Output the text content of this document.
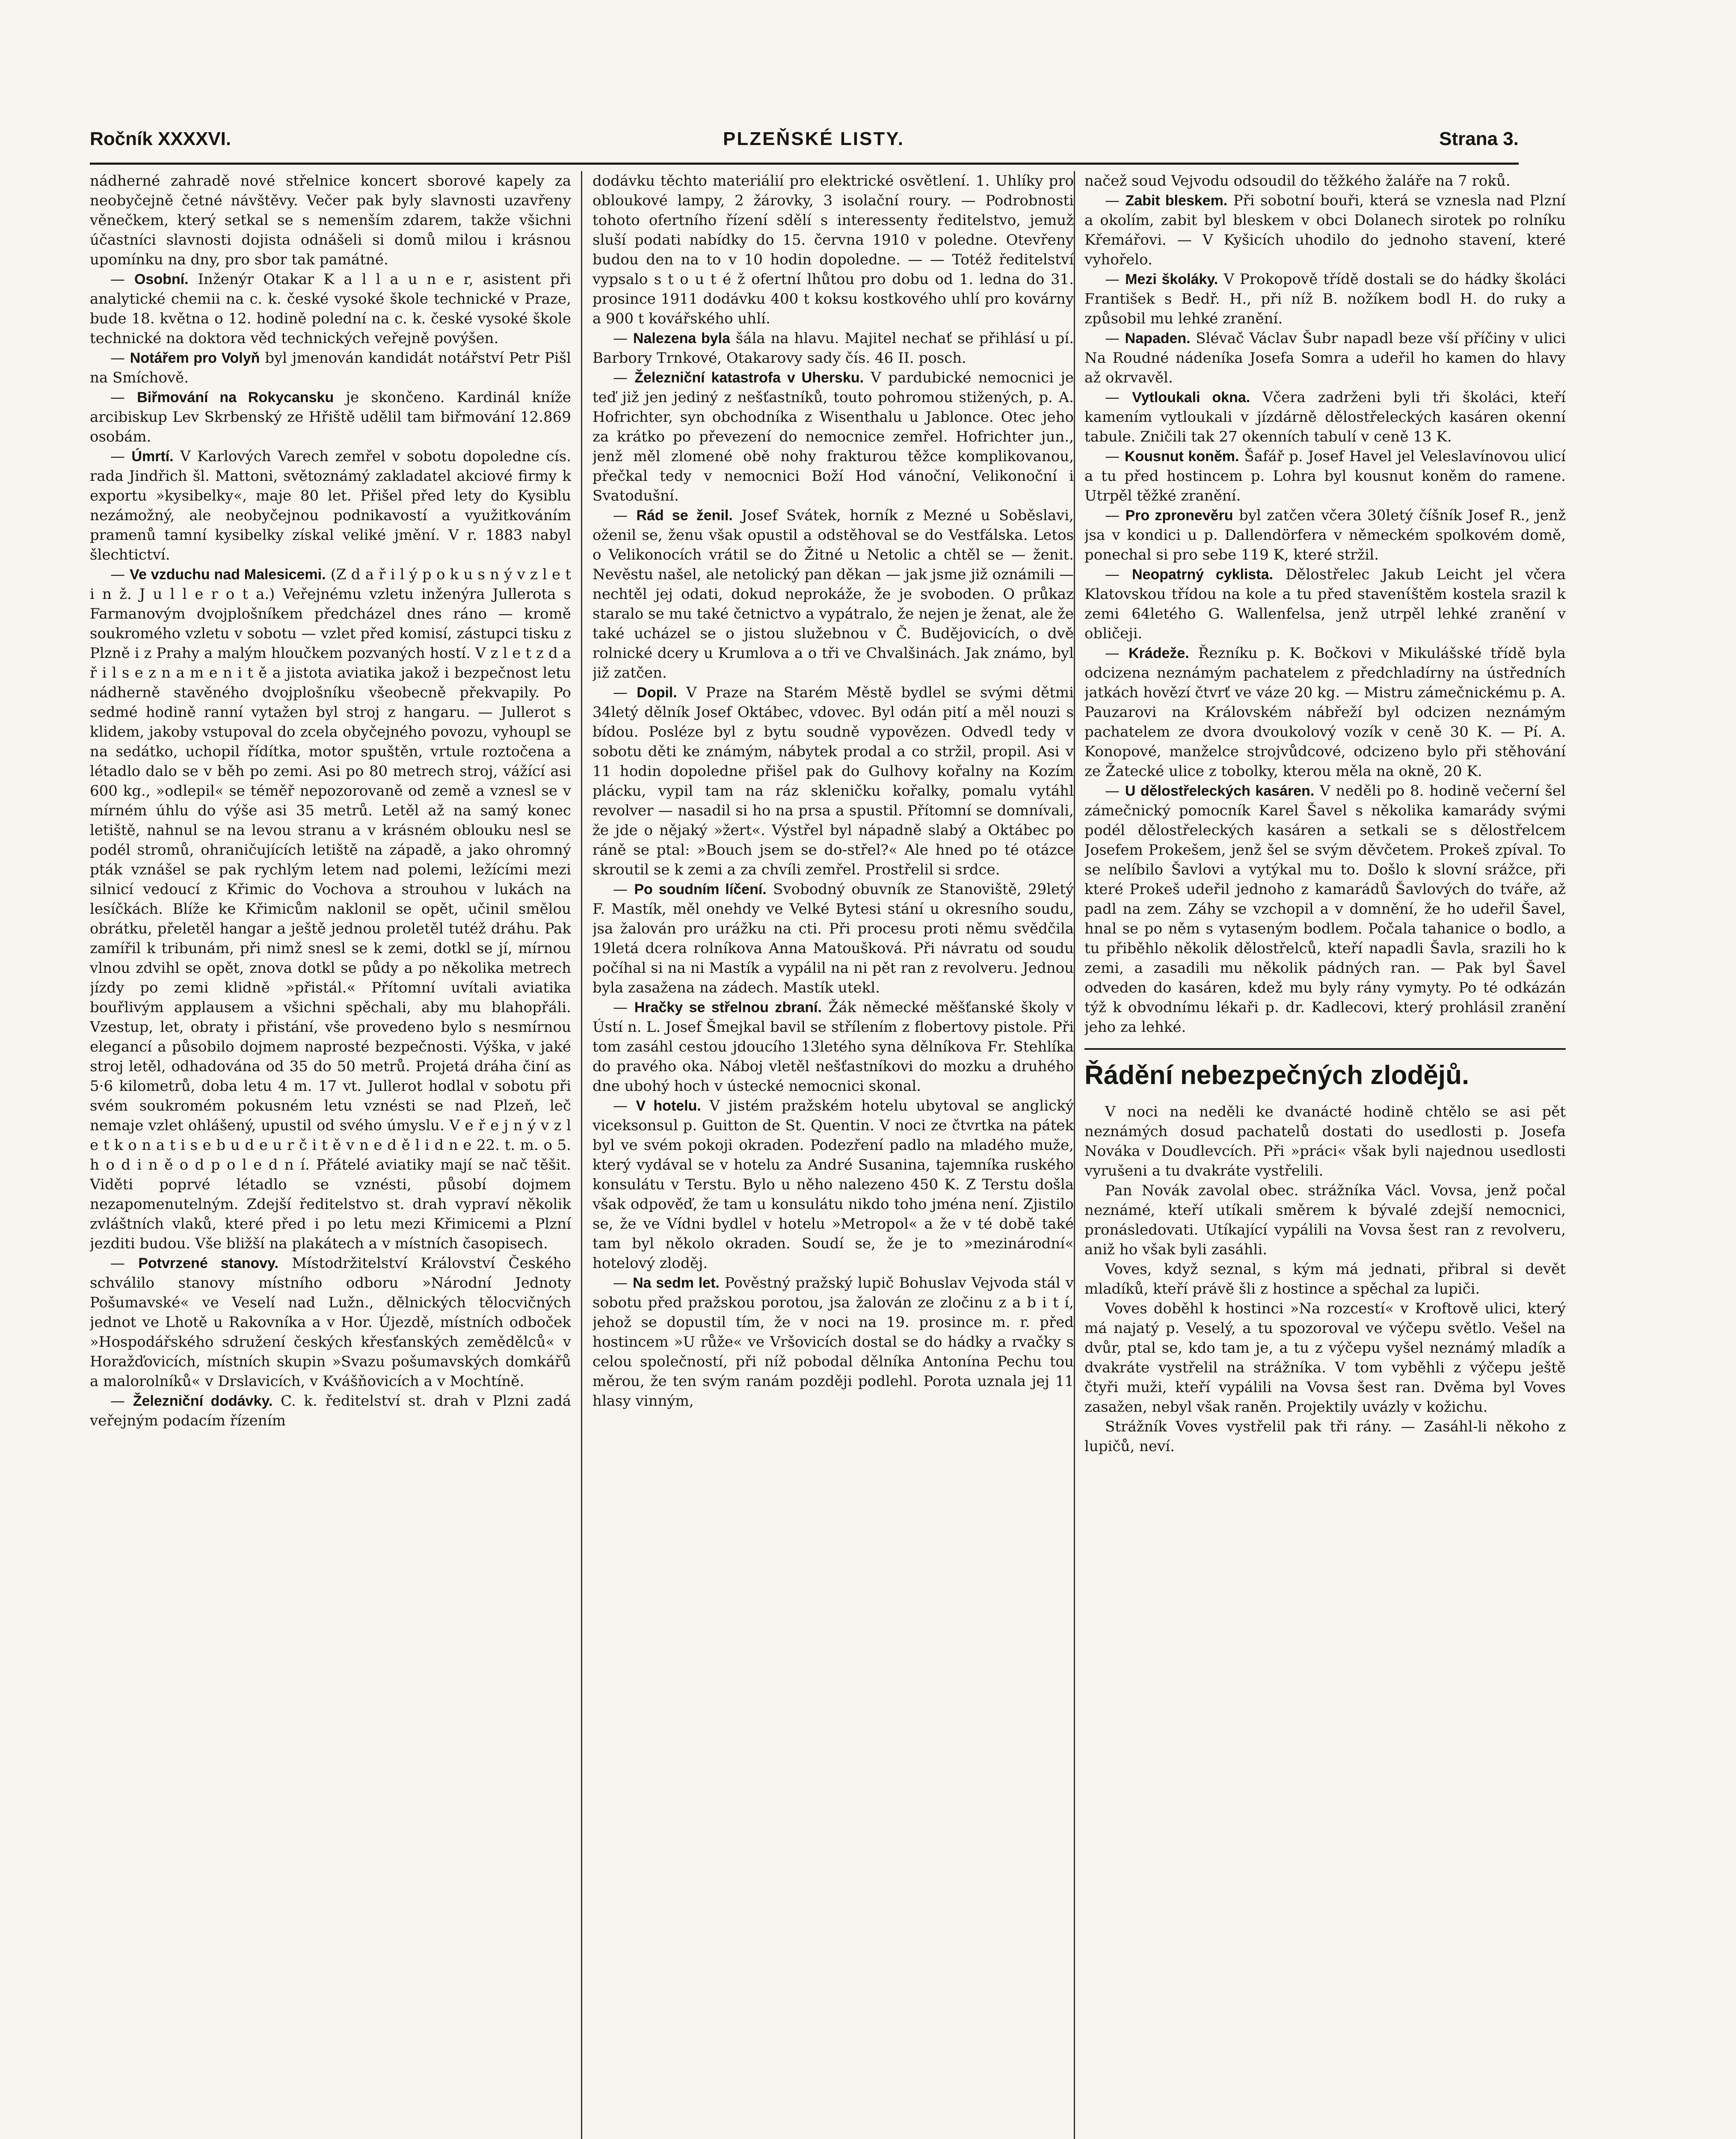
Ročník XXXXVI.	PLZEŇSKÉ LISTY.	Strana 3.

nádherné zahradě nové střelnice koncert sborové kapely za neobyčejně četné návštěvy. Večer pak byly slavnosti uzavřeny věnečkem, který setkal se s nemenším zdarem, takže všichni účastníci slavnosti dojista odnášeli si domů milou i krásnou upomínku na dny, pro sbor tak památné.

— Osobní. Inženýr Otakar K a l l a u n e r, asistent při analytické chemii na c. k. české vysoké škole technické v Praze, bude 18. května o 12. hodině polední na c. k. české vysoké škole technické na doktora věd technických veřejně povýšen.

— Notářem pro Volyň byl jmenován kandidát notářství Petr Pišl na Smíchově.

— Biřmování na Rokycansku je skončeno. Kardinál kníže arcibiskup Lev Skrbenský ze Hřiště udělil tam biřmování 12.869 osobám.

— Úmrtí. V Karlových Varech zemřel v sobotu dopoledne cís. rada Jindřich šl. Mattoni, světoznámý zakladatel akciové firmy k exportu »kysibelky«, maje 80 let. Přišel před lety do Kysiblu nezámožný, ale neobyčejnou podnikavostí a využitkováním pramenů tamní kysibelky získal veliké jmění. V r. 1883 nabyl šlechtictví.

— Ve vzduchu nad Malesicemi. (Z d a ř i l ý p o k u s n ý v z l e t i n ž. J u l l e r o t a.) Veřejnému vzletu inženýra Jullerota s Farmanovým dvojplošníkem předcházel dnes ráno — kromě soukromého vzletu v sobotu — vzlet před komisí, zástupci tisku z Plzně i z Prahy a malým hloučkem pozvaných hostí. V z l e t z d a ř i l s e z n a m e n i t ě a jistota aviatika jakož i bezpečnost letu nádherně stavěného dvojplošníku všeobecně překvapily. Po sedmé hodině ranní vytažen byl stroj z hangaru. — Jullerot s klidem, jakoby vstupoval do zcela obyčejného povozu, vyhoupl se na sedátko, uchopil řídítka, motor spuštěn, vrtule roztočena a létadlo dalo se v běh po zemi. Asi po 80 metrech stroj, vážící asi 600 kg., »odlepil« se téměř nepozorovaně od země a vznesl se v mírném úhlu do výše asi 35 metrů. Letěl až na samý konec letiště, nahnul se na levou stranu a v krásném oblouku nesl se podél stromů, ohraničujících letiště na západě, a jako ohromný pták vznášel se pak rychlým letem nad polemi, ležícími mezi silnicí vedoucí z Křimic do Vochova a strouhou v lukách na lesíčkách. Blíže ke Křimicům naklonil se opět, učinil smělou obrátku, přeletěl hangar a ještě jednou proletěl tutéž dráhu. Pak zamířil k tribunám, při nimž snesl se k zemi, dotkl se jí, mírnou vlnou zdvihl se opět, znova dotkl se půdy a po několika metrech jízdy po zemi klidně »přistál.« Přítomní uvítali aviatika bouřlivým applausem a všichni spěchali, aby mu blahopřáli. Vzestup, let, obraty i přistání, vše provedeno bylo s nesmírnou elegancí a působilo dojmem naprosté bezpečnosti. Výška, v jaké stroj letěl, odhadována od 35 do 50 metrů. Projetá dráha činí as 5·6 kilometrů, doba letu 4 m. 17 vt. Jullerot hodlal v sobotu při svém soukromém pokusném letu vznésti se nad Plzeň, leč nemaje vzlet ohlášený, upustil od svého úmyslu. V e ř e j n ý v z l e t k o n a t i s e b u d e u r č i t ě v n e d ě l i d n e 22. t. m. o 5. h o d i n ě o d p o l e d n í. Přátelé aviatiky mají se nač těšit. Viděti poprvé létadlo se vznésti, působí dojmem nezapomenutelným. Zdejší ředitelstvo st. drah vypraví několik zvláštních vlaků, které před i po letu mezi Křimicemi a Plzní jezditi budou. Vše bližší na plakátech a v místních časopisech.

— Potvrzené stanovy. Místodržitelství Království Českého schválilo stanovy místního odboru »Národní Jednoty Pošumavské« ve Veselí nad Lužn., dělnických tělocvičných jednot ve Lhotě u Rakovníka a v Hor. Újezdě, místních odboček »Hospodářského sdružení českých křesťanských zemědělců« v Horažďovicích, místních skupin »Svazu pošumavských domkářů a malorolníků« v Drslavicích, v Kvášňovicích a v Mochtíně.

— Železniční dodávky. C. k. ředitelství st. drah v Plzni zadá veřejným podacím řízením

dodávku těchto materiálií pro elektrické osvětlení. 1. Uhlíky pro obloukové lampy, 2 žárovky, 3 isolační roury. — Podrobnosti tohoto ofertního řízení sdělí s interessenty ředitelstvo, jemuž sluší podati nabídky do 15. června 1910 v poledne. Otevřeny budou den na to v 10 hodin dopoledne. — — Totéž ředitelství vypsalo s t o u t é ž ofertní lhůtou pro dobu od 1. ledna do 31. prosince 1911 dodávku 400 t koksu kostkového uhlí pro kovárny a 900 t kovářského uhlí.

— Nalezena byla šála na hlavu. Majitel nechať se přihlásí u pí. Barbory Trnkové, Otakarovy sady čís. 46 II. posch.

— Železniční katastrofa v Uhersku. V pardubické nemocnici je teď již jen jediný z nešťastníků, touto pohromou stižených, p. A. Hofrichter, syn obchodníka z Wisenthalu u Jablonce. Otec jeho za krátko po převezení do nemocnice zemřel. Hofrichter jun., jenž měl zlomené obě nohy frakturou těžce komplikovanou, přečkal tedy v nemocnici Boží Hod vánoční, Velikonoční i Svatodušní.

— Rád se ženil. Josef Svátek, horník z Mezné u Soběslavi, oženil se, ženu však opustil a odstěhoval se do Vestfálska. Letos o Velikonocích vrátil se do Žitné u Netolic a chtěl se — ženit. Nevěstu našel, ale netolický pan děkan — jak jsme již oznámili — nechtěl jej odati, dokud neprokáže, že je svoboden. O průkaz staralo se mu také četnictvo a vypátralo, že nejen je ženat, ale že také ucházel se o jistou služebnou v Č. Budějovicích, o dvě rolnické dcery u Krumlova a o tři ve Chvalšinách. Jak známo, byl již zatčen.

— Dopil. V Praze na Starém Městě bydlel se svými dětmi 34letý dělník Josef Oktábec, vdovec. Byl odán pití a měl nouzi s bídou. Posléze byl z bytu soudně vypovězen. Odvedl tedy v sobotu děti ke známým, nábytek prodal a co stržil, propil. Asi v 11 hodin dopoledne přišel pak do Gulhovy kořalny na Kozím plácku, vypil tam na ráz skleničku kořalky, pomalu vytáhl revolver — nasadil si ho na prsa a spustil. Přítomní se domnívali, že jde o nějaký »žert«. Výstřel byl nápadně slabý a Oktábec po ráně se ptal: »Bouch jsem se do-střel?« Ale hned po té otázce skroutil se k zemi a za chvíli zemřel. Prostřelil si srdce.

— Po soudním líčení. Svobodný obuvník ze Stanoviště, 29letý F. Mastík, měl onehdy ve Velké Bytesi stání u okresního soudu, jsa žalován pro urážku na cti. Při procesu proti němu svědčila 19letá dcera rolníkova Anna Matoušková. Při návratu od soudu počíhal si na ni Mastík a vypálil na ni pět ran z revolveru. Jednou byla zasažena na zádech. Mastík utekl.

— Hračky se střelnou zbraní. Žák německé měšťanské školy v Ústí n. L. Josef Šmejkal bavil se střílením z flobertovy pistole. Při tom zasáhl cestou jdoucího 13letého syna dělníkova Fr. Stehlíka do pravého oka. Náboj vletěl nešťastníkovi do mozku a druhého dne ubohý hoch v ústecké nemocnici skonal.

— V hotelu. V jistém pražském hotelu ubytoval se anglický viceksonsul p. Guitton de St. Quentin. V noci ze čtvrtka na pátek byl ve svém pokoji okraden. Podezření padlo na mladého muže, který vydával se v hotelu za André Susanina, tajemníka ruského konsulátu v Terstu. Bylo u něho nalezeno 450 K. Z Terstu došla však odpověď, že tam u konsulátu nikdo toho jména není. Zjistilo se, že ve Vídni bydlel v hotelu »Metropol« a že v té době také tam byl několo okraden. Soudí se, že je to »mezinárodní« hotelový zloděj.

— Na sedm let. Pověstný pražský lupič Bohuslav Vejvoda stál v sobotu před pražskou porotou, jsa žalován ze zločinu z a b i t í, jehož se dopustil tím, že v noci na 19. prosince m. r. před hostincem »U růže« ve Vršovicích dostal se do hádky a rvačky s celou společností, při níž pobodal dělníka Antonína Pechu tou měrou, že ten svým ranám později podlehl. Porota uznala jej 11 hlasy vinným,

načež soud Vejvodu odsoudil do těžkého žaláře na 7 roků.

— Zabit bleskem. Při sobotní bouři, která se vznesla nad Plzní a okolím, zabit byl bleskem v obci Dolanech sirotek po rolníku Křemářovi. — V Kyšicích uhodilo do jednoho stavení, které vyhořelo.

— Mezi školáky. V Prokopově třídě dostali se do hádky školáci František s Bedř. H., při níž B. nožíkem bodl H. do ruky a způsobil mu lehké zranění.

— Napaden. Slévač Václav Šubr napadl beze vší příčiny v ulici Na Roudné nádeníka Josefa Somra a udeřil ho kamen do hlavy až okrvavěl.

— Vytloukali okna. Včera zadrženi byli tři školáci, kteří kamením vytloukali v jízdárně dělostřeleckých kasáren okenní tabule. Zničili tak 27 okenních tabulí v ceně 13 K.

— Kousnut koněm. Šafář p. Josef Havel jel Veleslavínovou ulicí a tu před hostincem p. Lohra byl kousnut koněm do ramene. Utrpěl těžké zranění.

— Pro zpronevěru byl zatčen včera 30letý číšník Josef R., jenž jsa v kondici u p. Dallendörfera v německém spolkovém domě, ponechal si pro sebe 119 K, které stržil.

— Neopatrný cyklista. Dělostřelec Jakub Leicht jel včera Klatovskou třídou na kole a tu před stavenίštěm kostela srazil k zemi 64letého G. Wallenfelsa, jenž utrpěl lehké zranění v obličeji.

— Krádeže. Řezníku p. K. Bočkovi v Mikulášské třídě byla odcizena neznámým pachatelem z předchladírny na ústředních jatkách hovězí čtvrť ve váze 20 kg. — Mistru zámečnickému p. A. Pauzarovi na Královském nábřeží byl odcizen neznámým pachatelem ze dvora dvoukolový vozík v ceně 30 K. — Pí. A. Konopové, manželce strojvůdcové, odcizeno bylo při stěhování ze Žatecké ulice z tobolky, kterou měla na okně, 20 K.

— U dělostřeleckých kasáren. V neděli po 8. hodině večerní šel zámečnický pomocník Karel Šavel s několika kamarády svými podél dělostřeleckých kasáren a setkali se s dělostřelcem Josefem Prokešem, jenž šel se svým děvčetem. Prokeš zpíval. To se nelíbilo Šavlovi a vytýkal mu to. Došlo k slovní srážce, při které Prokeš udeřil jednoho z kamarádů Šavlových do tváře, až padl na zem. Záhy se vzchopil a v domnění, že ho udeřil Šavel, hnal se po něm s vytaseným bodlem. Počala tahanice o bodlo, a tu přiběhlo několik dělostřelců, kteří napadli Šavla, srazili ho k zemi, a zasadili mu několik pádných ran. — Pak byl Šavel odveden do kasáren, kdež mu byly rány vymyty. Po té odkázán týž k obvodnímu lékaři p. dr. Kadlecovi, který prohlásil zranění jeho za lehké.

Řádění nebezpečných zlodějů.

V noci na neděli ke dvanácté hodině chtělo se asi pět neznámých dosud pachatelů dostati do usedlosti p. Josefa Nováka v Doudlevcích. Při »práci« však byli najednou usedlosti vyrušeni a tu dvakráte vystřelili.

Pan Novák zavolal obec. strážníka Václ. Vovsa, jenž počal neznámé, kteří utíkali směrem k bývalé zdejší nemocnici, pronásledovati. Utíkající vypálili na Vovsa šest ran z revolveru, aniž ho však byli zasáhli.

Voves, když seznal, s kým má jednati, přibral si devět mladíků, kteří právě šli z hostince a spěchal za lupiči.

Voves doběhl k hostinci »Na rozcestí« v Kroftově ulici, který má najatý p. Veselý, a tu spozoroval ve výčepu světlo. Vešel na dvůr, ptal se, kdo tam je, a tu z výčepu vyšel neznámý mladík a dvakráte vystřelil na strážníka. V tom vyběhli z výčepu ještě čtyři muži, kteří vypálili na Vovsa šest ran. Dvěma byl Voves zasažen, nebyl však raněn. Projektily uvázly v kožichu.

Strážník Voves vystřelil pak tři rány. — Zasáhl-li někoho z lupičů, neví.
